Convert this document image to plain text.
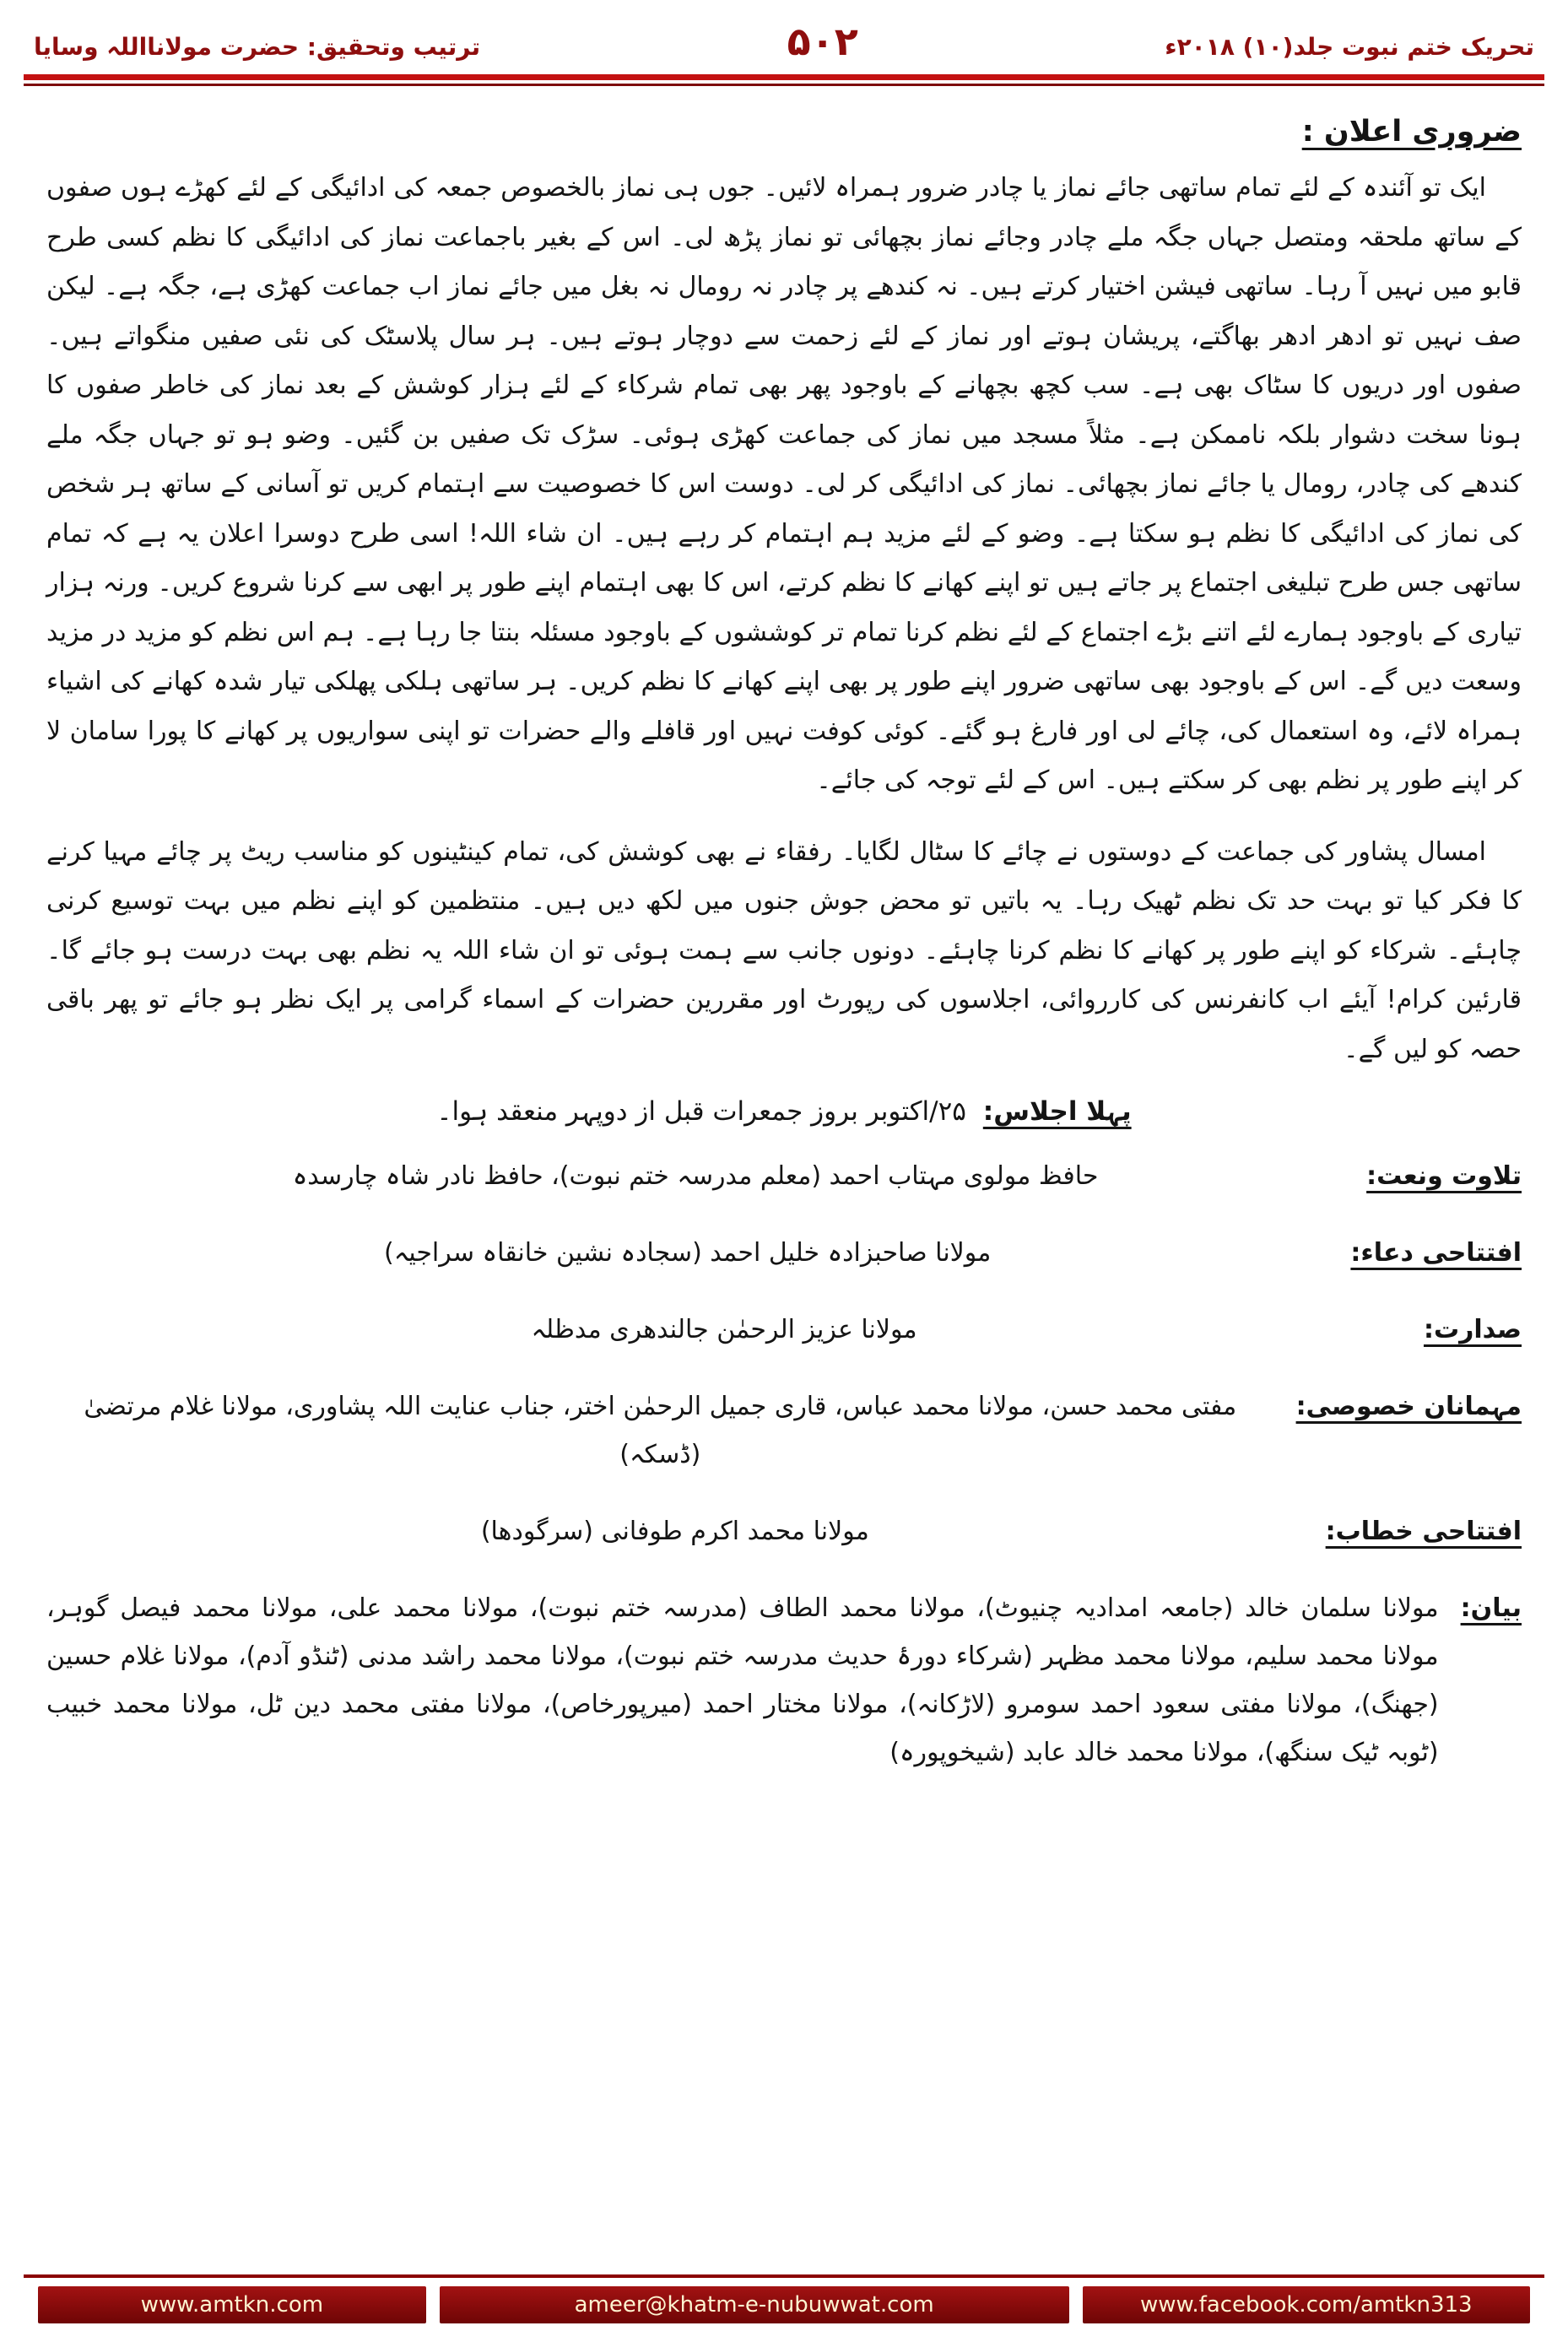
تحریک ختم نبوت جلد(۱۰) ۲۰۱۸ء
۵۰۲
ترتیب وتحقیق: حضرت مولانااللہ وسایا
ضروری اعلان :

ایک تو آئندہ کے لئے تمام ساتھی جائے نماز یا چادر ضرور ہمراہ لائیں۔ جوں ہی نماز بالخصوص جمعہ کی ادائیگی کے لئے کھڑے ہوں صفوں کے ساتھ ملحقہ ومتصل جہاں جگہ ملے چادر وجائے نماز بچھائی تو نماز پڑھ لی۔ اس کے بغیر باجماعت نماز کی ادائیگی کا نظم کسی طرح قابو میں نہیں آ رہا۔ ساتھی فیشن اختیار کرتے ہیں۔ نہ کندھے پر چادر نہ رومال نہ بغل میں جائے نماز اب جماعت کھڑی ہے، جگہ ہے۔ لیکن صف نہیں تو ادھر ادھر بھاگتے، پریشان ہوتے اور نماز کے لئے زحمت سے دوچار ہوتے ہیں۔ ہر سال پلاسٹک کی نئی صفیں منگواتے ہیں۔ صفوں اور دریوں کا سٹاک بھی ہے۔ سب کچھ بچھانے کے باوجود پھر بھی تمام شرکاء کے لئے ہزار کوشش کے بعد نماز کی خاطر صفوں کا ہونا سخت دشوار بلکہ ناممکن ہے۔ مثلاً مسجد میں نماز کی جماعت کھڑی ہوئی۔ سڑک تک صفیں بن گئیں۔ وضو ہو تو جہاں جگہ ملے کندھے کی چادر، رومال یا جائے نماز بچھائی۔ نماز کی ادائیگی کر لی۔ دوست اس کا خصوصیت سے اہتمام کریں تو آسانی کے ساتھ ہر شخص کی نماز کی ادائیگی کا نظم ہو سکتا ہے۔ وضو کے لئے مزید ہم اہتمام کر رہے ہیں۔ ان شاء اللہ! اسی طرح دوسرا اعلان یہ ہے کہ تمام ساتھی جس طرح تبلیغی اجتماع پر جاتے ہیں تو اپنے کھانے کا نظم کرتے، اس کا بھی اہتمام اپنے طور پر ابھی سے کرنا شروع کریں۔ ورنہ ہزار تیاری کے باوجود ہمارے لئے اتنے بڑے اجتماع کے لئے نظم کرنا تمام تر کوششوں کے باوجود مسئلہ بنتا جا رہا ہے۔ ہم اس نظم کو مزید در مزید وسعت دیں گے۔ اس کے باوجود بھی ساتھی ضرور اپنے طور پر بھی اپنے کھانے کا نظم کریں۔ ہر ساتھی ہلکی پھلکی تیار شدہ کھانے کی اشیاء ہمراہ لائے، وہ استعمال کی، چائے لی اور فارغ ہو گئے۔ کوئی کوفت نہیں اور قافلے والے حضرات تو اپنی سواریوں پر کھانے کا پورا سامان لا کر اپنے طور پر نظم بھی کر سکتے ہیں۔ اس کے لئے توجہ کی جائے۔

امسال پشاور کی جماعت کے دوستوں نے چائے کا سٹال لگایا۔ رفقاء نے بھی کوشش کی، تمام کینٹینوں کو مناسب ریٹ پر چائے مہیا کرنے کا فکر کیا تو بہت حد تک نظم ٹھیک رہا۔ یہ باتیں تو محض جوش جنوں میں لکھ دیں ہیں۔ منتظمین کو اپنے نظم میں بہت توسیع کرنی چاہئے۔ شرکاء کو اپنے طور پر کھانے کا نظم کرنا چاہئے۔ دونوں جانب سے ہمت ہوئی تو ان شاء اللہ یہ نظم بھی بہت درست ہو جائے گا۔ قارئین کرام! آیئے اب کانفرنس کی کارروائی، اجلاسوں کی رپورٹ اور مقررین حضرات کے اسماء گرامی پر ایک نظر ہو جائے تو پھر باقی حصہ کو لیں گے۔

پہلا اجلاس: ۲۵/اکتوبر بروز جمعرات قبل از دوپہر منعقد ہوا۔

تلاوت ونعت:
حافظ مولوی مہتاب احمد (معلم مدرسہ ختم نبوت)، حافظ نادر شاہ چارسدہ
افتتاحی دعاء:
مولانا صاحبزادہ خلیل احمد (سجادہ نشین خانقاہ سراجیہ)
صدارت:
مولانا عزیز الرحمٰن جالندھری مدظلہ
مہمانان خصوصی:
مفتی محمد حسن، مولانا محمد عباس، قاری جمیل الرحمٰن اختر، جناب عنایت اللہ پشاوری، مولانا غلام مرتضیٰ (ڈسکہ)
افتتاحی خطاب:
مولانا محمد اکرم طوفانی (سرگودھا)
بیان:
مولانا سلمان خالد (جامعہ امدادیہ چنیوٹ)، مولانا محمد الطاف (مدرسہ ختم نبوت)، مولانا محمد علی، مولانا محمد فیصل گوہر، مولانا محمد سلیم، مولانا محمد مظہر (شرکاء دورۂ حدیث مدرسہ ختم نبوت)، مولانا محمد راشد مدنی (ٹنڈو آدم)، مولانا غلام حسین (جھنگ)، مولانا مفتی سعود احمد سومرو (لاڑکانہ)، مولانا مختار احمد (میرپورخاص)، مولانا مفتی محمد دین ٹل، مولانا محمد خبیب (ٹوبہ ٹیک سنگھ)، مولانا محمد خالد عابد (شیخوپورہ)
www.amtkn.com	ameer@khatm-e-nubuwwat.com	www.facebook.com/amtkn313
